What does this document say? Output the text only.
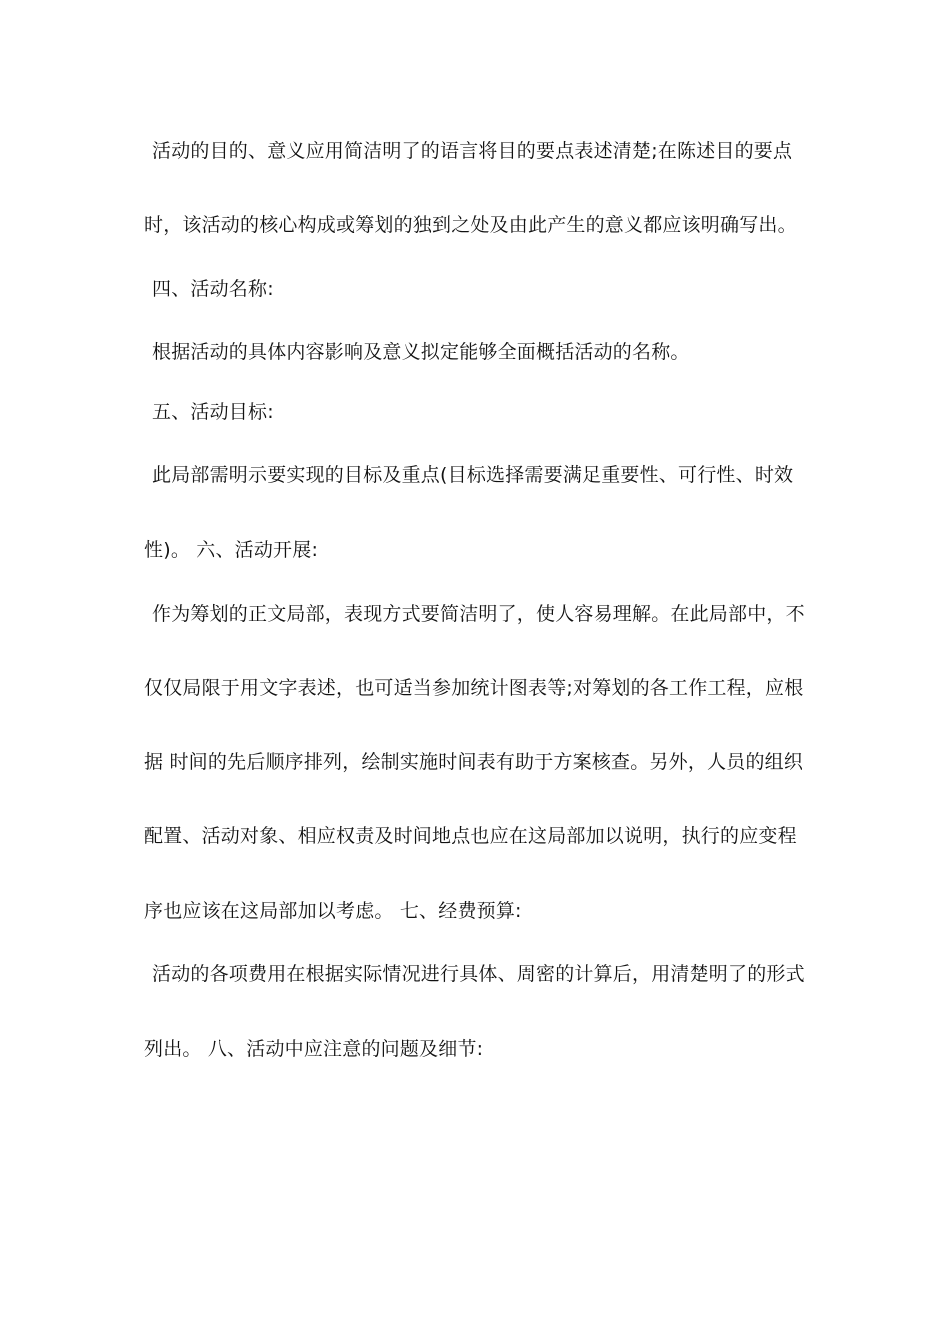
活动的目的、意义应用简洁明了的语言将目的要点表述清楚;在陈述目的要点
时，该活动的核心构成或筹划的独到之处及由此产生的意义都应该明确写出。
四、活动名称:
根据活动的具体内容影响及意义拟定能够全面概括活动的名称。
五、活动目标:
此局部需明示要实现的目标及重点(目标选择需要满足重要性、可行性、时效
性)。 六、活动开展:
作为筹划的正文局部，表现方式要简洁明了，使人容易理解。在此局部中，不
仅仅局限于用文字表述，也可适当参加统计图表等;对筹划的各工作工程，应根
据 时间的先后顺序排列，绘制实施时间表有助于方案核查。另外，人员的组织
配置、活动对象、相应权责及时间地点也应在这局部加以说明，执行的应变程
序也应该在这局部加以考虑。 七、经费预算:
活动的各项费用在根据实际情况进行具体、周密的计算后，用清楚明了的形式
列出。 八、活动中应注意的问题及细节:
